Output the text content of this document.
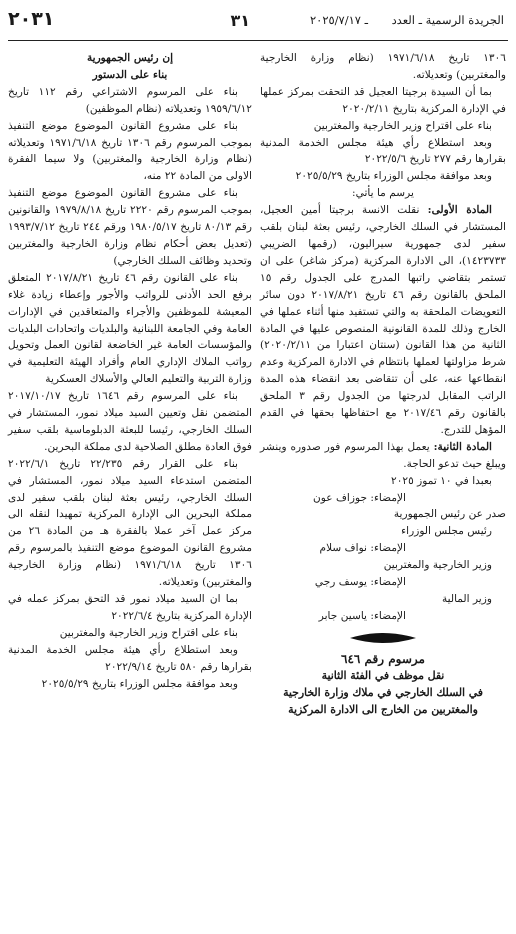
الجريدة الرسمية ـ العدد
٣١	ـ ٢٠٢٥/٧/١٧
٢٠٣١

١٣٠٦ تاريخ ١٩٧١/٦/١٨ (نظام وزارة الخارجية والمغتربين) وتعديلاته.

بما أن السيدة برجيتا العجيل قد التحقت بمركز عملها في الإدارة المركزية بتاريخ ٢٠٢٠/٢/١١

بناء على اقتراح وزير الخارجية والمغتربين

وبعد استطلاع رأي هيئة مجلس الخدمة المدنية بقرارها رقم ٢٧٧ تاريخ ٢٠٢٢/٥/٦

وبعد موافقة مجلس الوزراء بتاريخ ٢٠٢٥/٥/٢٩

يرسم ما يأتي:

المادة الأولى: نقلت الانسة برجيتا أمين العجيل، المستشار في السلك الخارجي، رئيس بعثة لبنان بلقب سفير لدى جمهورية سيراليون، (رقمها الضريبي ١٤٢٣٧٣٣)، الى الادارة المركزية (مركز شاغر) على ان تستمر بتقاضي راتبها المدرج على الجدول رقم ١٥ الملحق بالقانون رقم ٤٦ تاريخ ٢٠١٧/٨/٢١ دون سائر التعويضات الملحقة به والتي تستفيد منها أثناء عملها في الخارج وذلك للمدة القانونية المنصوص عليها في المادة الثانية من هذا القانون (سنتان اعتبارا من ٢٠٢٠/٢/١١) شرط مزاولتها لعملها بانتظام في الادارة المركزية وعدم انقطاعها عنه، على أن تتقاضى بعد انقضاء هذه المدة الراتب المقابل لدرجتها من الجدول رقم ٣ الملحق بالقانون رقم ٢٠١٧/٤٦ مع احتفاظها بحقها في القدم المؤهل للتدرج.

المادة الثانية: يعمل بهذا المرسوم فور صدوره وينشر ويبلغ حيث تدعو الحاجة.

بعبدا في ١٠ تموز ٢٠٢٥

الإمضاء: جوزاف عون

صدر عن رئيس الجمهورية

رئيس مجلس الوزراء

الإمضاء: نواف سلام

وزير الخارجية والمغتربين

الإمضاء: يوسف رجي

وزير المالية

الإمضاء: ياسين جابر

مرسوم رقم ٦٤٦

نقل موظف في الفئة الثانية

في السلك الخارجي في ملاك وزارة الخارجية

والمغتربين من الخارج الى الادارة المركزية

إن رئيس الجمهورية

بناء على الدستور

بناء على المرسوم الاشتراعي رقم ١١٢ تاريخ ١٩٥٩/٦/١٢ وتعديلاته (نظام الموظفين)

بناء على مشروع القانون الموضوع موضع التنفيذ بموجب المرسوم رقم ١٣٠٦ تاريخ ١٩٧١/٦/١٨ وتعديلاته (نظام وزارة الخارجية والمغتربين) ولا سيما الفقرة الاولى من المادة ٢٢ منه،

بناء على مشروع القانون الموضوع موضع التنفيذ بموجب المرسوم رقم ٢٢٢٠ تاريخ ١٩٧٩/٨/١٨ والقانونين رقم ٨٠/١٣ تاريخ ١٩٨٠/٥/١٧ ورقم ٢٤٤ تاريخ ١٩٩٣/٧/١٢ (تعديل بعض أحكام نظام وزارة الخارجية والمغتربين وتحديد وظائف السلك الخارجي)

بناء على القانون رقم ٤٦ تاريخ ٢٠١٧/٨/٢١ المتعلق برفع الحد الأدنى للرواتب والأجور وإعطاء زيادة غلاء المعيشة للموظفين والأجراء والمتعاقدين في الإدارات العامة وفي الجامعة اللبنانية والبلديات واتحادات البلديات والمؤسسات العامة غير الخاضعة لقانون العمل وتحويل رواتب الملاك الإداري العام وأفراد الهيئة التعليمية في وزارة التربية والتعليم العالي والأسلاك العسكرية

بناء على المرسوم رقم ١٦٤٦ تاريخ ٢٠١٧/١٠/١٧ المتضمن نقل وتعيين السيد ميلاد نمور، المستشار في السلك الخارجي، رئيسا للبعثة الدبلوماسية بلقب سفير فوق العادة مطلق الصلاحية لدى مملكة البحرين.

بناء على القرار رقم ٢٢/٢٣٥ تاريخ ٢٠٢٢/٦/١ المتضمن استدعاء السيد ميلاد نمور، المستشار في السلك الخارجي، رئيس بعثة لبنان بلقب سفير لدى مملكة البحرين الى الإدارة المركزية تمهيدا لنقله الى مركز عمل آخر عملا بالفقرة هـ من المادة ٢٦ من مشروع القانون الموضوع موضع التنفيذ بالمرسوم رقم ١٣٠٦ تاريخ ١٩٧١/٦/١٨ (نظام وزارة الخارجية والمغتربين) وتعديلاته.

بما ان السيد ميلاد نمور قد التحق بمركز عمله في الإدارة المركزية بتاريخ ٢٠٢٢/٦/٤

بناء على اقتراح وزير الخارجية والمغتربين

وبعد استطلاع رأي هيئة مجلس الخدمة المدنية بقرارها رقم ٥٨٠ تاريخ ٢٠٢٢/٩/١٤

وبعد موافقة مجلس الوزراء بتاريخ ٢٠٢٥/٥/٢٩
